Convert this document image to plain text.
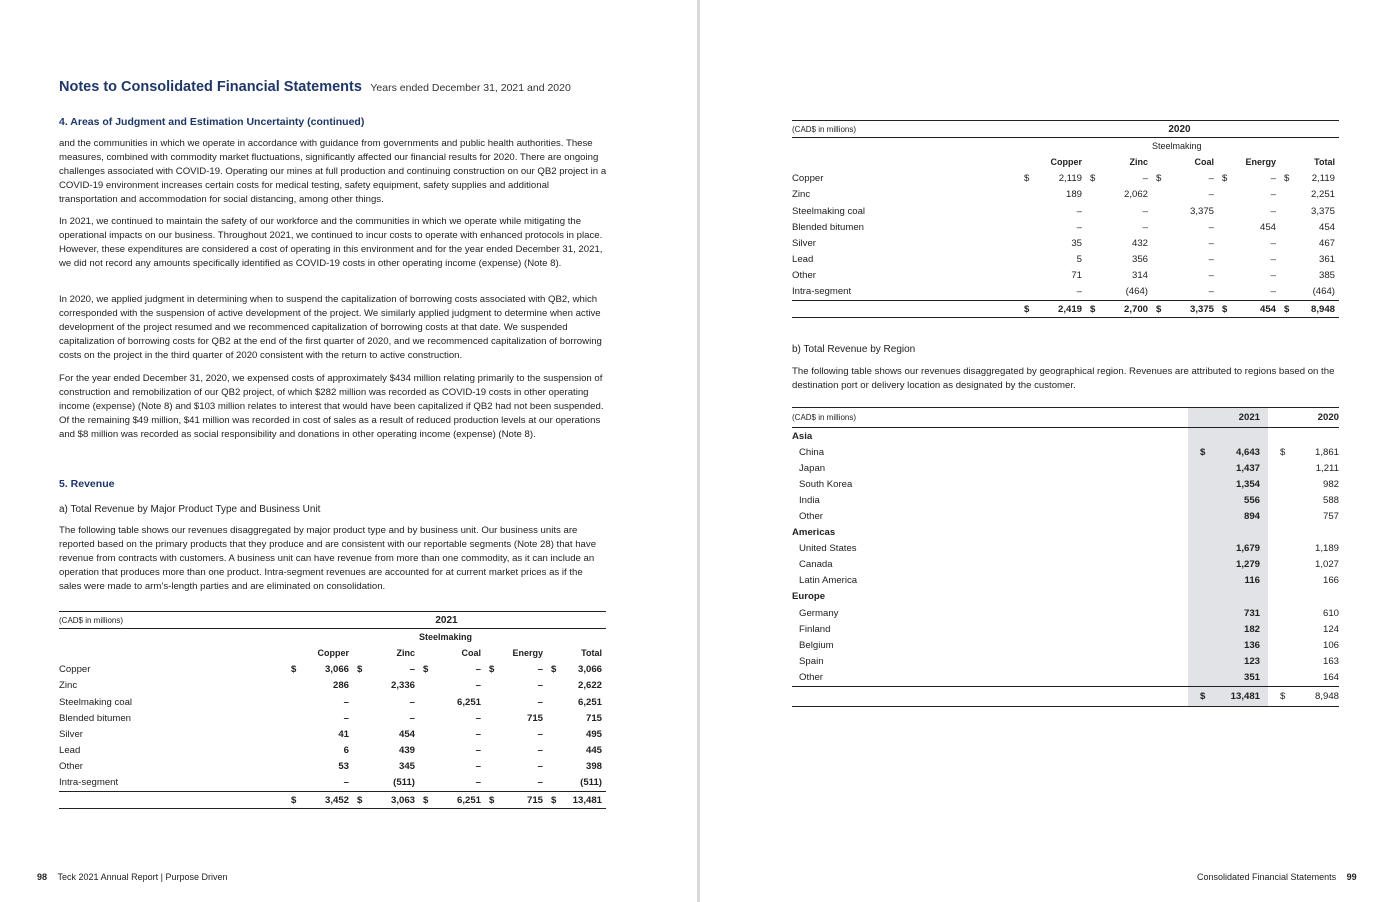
Notes to Consolidated Financial Statements Years ended December 31, 2021 and 2020
4. Areas of Judgment and Estimation Uncertainty (continued)

and the communities in which we operate in accordance with guidance from governments and public health authorities. These measures, combined with commodity market fluctuations, significantly affected our financial results for 2020. There are ongoing challenges associated with COVID-19. Operating our mines at full production and continuing construction on our QB2 project in a COVID-19 environment increases certain costs for medical testing, safety equipment, safety supplies and additional transportation and accommodation for social distancing, among other things.

In 2021, we continued to maintain the safety of our workforce and the communities in which we operate while mitigating the operational impacts on our business. Throughout 2021, we continued to incur costs to operate with enhanced protocols in place. However, these expenditures are considered a cost of operating in this environment and for the year ended December 31, 2021, we did not record any amounts specifically identified as COVID-19 costs in other operating income (expense) (Note 8).

In 2020, we applied judgment in determining when to suspend the capitalization of borrowing costs associated with QB2, which corresponded with the suspension of active development of the project. We similarly applied judgment to determine when active development of the project resumed and we recommenced capitalization of borrowing costs at that date. We suspended capitalization of borrowing costs for QB2 at the end of the first quarter of 2020, and we recommenced capitalization of borrowing costs on the project in the third quarter of 2020 consistent with the return to active construction.

For the year ended December 31, 2020, we expensed costs of approximately $434 million relating primarily to the suspension of construction and remobilization of our QB2 project, of which $282 million was recorded as COVID-19 costs in other operating income (expense) (Note 8) and $103 million relates to interest that would have been capitalized if QB2 had not been suspended. Of the remaining $49 million, $41 million was recorded in cost of sales as a result of reduced production levels at our operations and $8 million was recorded as social responsibility and donations in other operating income (expense) (Note 8).

5. Revenue
a) Total Revenue by Major Product Type and Business Unit

The following table shows our revenues disaggregated by major product type and by business unit. Our business units are reported based on the primary products that they produce and are consistent with our reportable segments (Note 28) that have revenue from contracts with customers. A business unit can have revenue from more than one commodity, as it can include an operation that produces more than one product. Intra-segment revenues are accounted for at current market prices as if the sales were made to arm’s-length parties and are eliminated on consolidation.

(CAD$ in millions)	2021									

	Steelmaking									

	Copper		Zinc		Coal		Energy		Total	
Copper	$	3,066	$	–	$	–	$	–	$	3,066
Zinc		286		2,336		–		–		2,622
Steelmaking coal		–		–		6,251		–		6,251
Blended bitumen		–		–		–		715		715
Silver		41		454		–		–		495
Lead		6		439		–		–		445
Other		53		345		–		–		398
Intra-segment		–		(511)		–		–		(511)
	$	3,452	$	3,063	$	6,251	$	715	$	13,481
98 Teck 2021 Annual Report | Purpose Driven
(CAD$ in millions)	2020									

	Steelmaking									

	Copper		Zinc		Coal		Energy		Total	
Copper	$	2,119	$	–	$	–	$	–	$	2,119
Zinc		189		2,062		–		–		2,251
Steelmaking coal		–		–		3,375		–		3,375
Blended bitumen		–		–		–		454		454
Silver		35		432		–		–		467
Lead		5		356		–		–		361
Other		71		314		–		–		385
Intra-segment		–		(464)		–		–		(464)
	$	2,419	$	2,700	$	3,375	$	454	$	8,948
b) Total Revenue by Region

The following table shows our revenues disaggregated by geographical region. Revenues are attributed to regions based on the destination port or delivery location as designated by the customer.

(CAD$ in millions)		2021		2020
Asia				
China	$	4,643	$	1,861
Japan		1,437		1,211
South Korea		1,354		982
India		556		588
Other		894		757
Americas				
United States		1,679		1,189
Canada		1,279		1,027
Latin America		116		166
Europe				
Germany		731		610
Finland		182		124
Belgium		136		106
Spain		123		163
Other		351		164
	$	13,481	$	8,948
Consolidated Financial Statements 99
